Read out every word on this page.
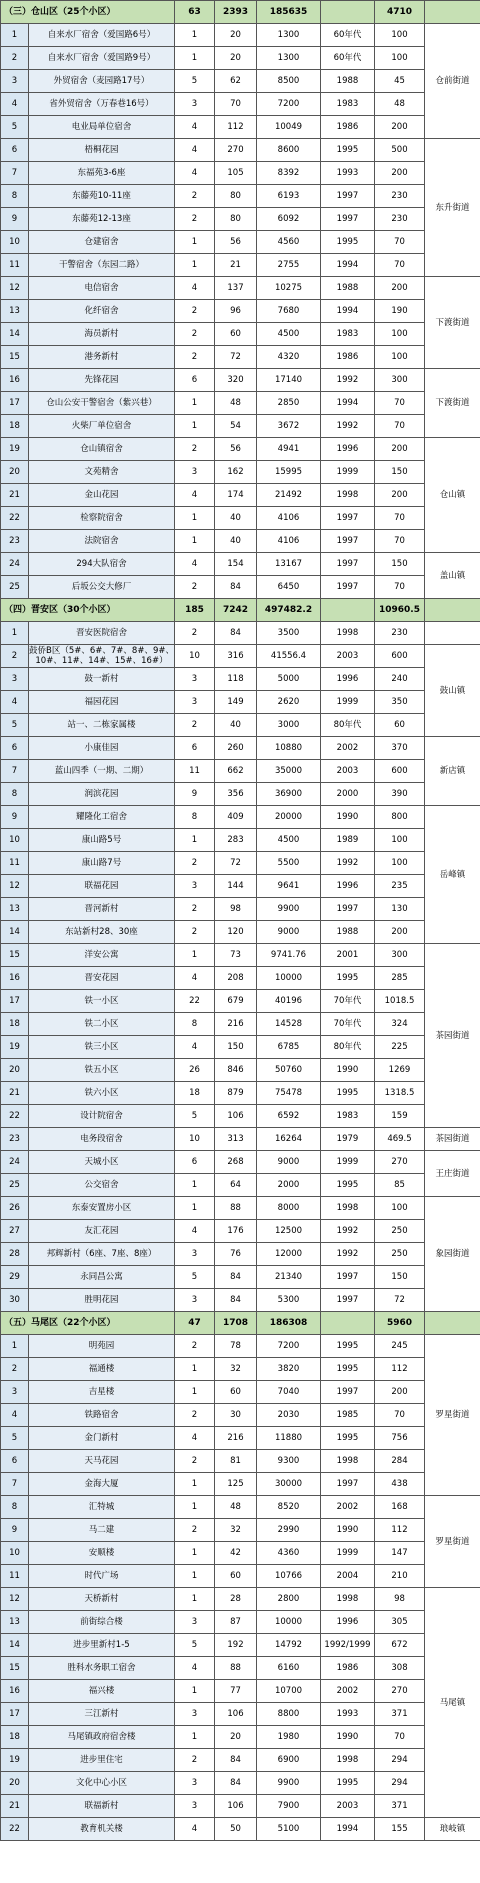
（三）仓山区（25个小区）		63	2393	185635		4710	
1	自来水厂宿舍（爱国路6号）	1	20	1300	60年代	100	仓前街道
2	自来水厂宿舍（爱国路9号）	1	20	1300	60年代	100	
3	外贸宿舍（麦园路17号）	5	62	8500	1988	45	
4	省外贸宿舍（万春巷16号）	3	70	7200	1983	48	
5	电业局单位宿舍	4	112	10049	1986	200	
6	梧桐花园	4	270	8600	1995	500	东升街道
7	东福苑3-6座	4	105	8392	1993	200	
8	东藤苑10-11座	2	80	6193	1997	230	
9	东藤苑12-13座	2	80	6092	1997	230	
10	仓建宿舍	1	56	4560	1995	70	
11	干警宿舍（东园二路）	1	21	2755	1994	70	
12	电信宿舍	4	137	10275	1988	200	下渡街道
13	化纤宿舍	2	96	7680	1994	190	
14	海员新村	2	60	4500	1983	100	
15	港务新村	2	72	4320	1986	100	
16	先锋花园	6	320	17140	1992	300	下渡街道
17	仓山公安干警宿舍（紫兴巷）	1	48	2850	1994	70	
18	火柴厂单位宿舍	1	54	3672	1992	70	
19	仓山镇宿舍	2	56	4941	1996	200	仓山镇
20	文苑精舍	3	162	15995	1999	150	
21	金山花园	4	174	21492	1998	200	
22	检察院宿舍	1	40	4106	1997	70	
23	法院宿舍	1	40	4106	1997	70	
24	294大队宿舍	4	154	13167	1997	150	盖山镇
25	后坂公交大修厂	2	84	6450	1997	70	
（四）晋安区（30个小区）		185	7242	497482.2		10960.5	
1	晋安医院宿舍	2	84	3500	1998	230	
2	鼓侨B区（5#、6#、7#、8#、9#、10#、11#、14#、15#、16#）	10	316	41556.4	2003	600	鼓山镇
3	鼓一新村	3	118	5000	1996	240	
4	福园花园	3	149	2620	1999	350	
5	站一、二栋家属楼	2	40	3000	80年代	60	
6	小康佳园	6	260	10880	2002	370	新店镇
7	蓝山四季（一期、二期）	11	662	35000	2003	600	
8	润滨花园	9	356	36900	2000	390	
9	耀隆化工宿舍	8	409	20000	1990	800	岳峰镇
10	康山路5号	1	283	4500	1989	100	
11	康山路7号	2	72	5500	1992	100	
12	联福花园	3	144	9641	1996	235	
13	晋河新村	2	98	9900	1997	130	
14	东站新村28、30座	2	120	9000	1988	200	
15	洋安公寓	1	73	9741.76	2001	300	茶园街道
16	晋安花园	4	208	10000	1995	285	
17	铁一小区	22	679	40196	70年代	1018.5	
18	铁二小区	8	216	14528	70年代	324	
19	铁三小区	4	150	6785	80年代	225	
20	铁五小区	26	846	50760	1990	1269	
21	铁六小区	18	879	75478	1995	1318.5	
22	设计院宿舍	5	106	6592	1983	159	
23	电务段宿舍	10	313	16264	1979	469.5	茶园街道
24	天城小区	6	268	9000	1999	270	王庄街道
25	公交宿舍	1	64	2000	1995	85	
26	东泰安置房小区	1	88	8000	1998	100	象园街道
27	友汇花园	4	176	12500	1992	250	
28	邦辉新村（6座、7座、8座）	3	76	12000	1992	250	
29	永同昌公寓	5	84	21340	1997	150	
30	胜明花园	3	84	5300	1997	72	
（五）马尾区（22个小区）		47	1708	186308		5960	
1	明苑园	2	78	7200	1995	245	罗星街道
2	福通楼	1	32	3820	1995	112	
3	吉星楼	1	60	7040	1997	200	
4	铁路宿舍	2	30	2030	1985	70	
5	金门新村	4	216	11880	1995	756	
6	天马花园	2	81	9300	1998	284	
7	金海大厦	1	125	30000	1997	438	
8	汇特城	1	48	8520	2002	168	罗星街道
9	马二建	2	32	2990	1990	112	
10	安顺楼	1	42	4360	1999	147	
11	时代广场	1	60	10766	2004	210	
12	天桥新村	1	28	2800	1998	98	马尾镇
13	前街综合楼	3	87	10000	1996	305	
14	进步里新村1-5	5	192	14792	1992/1999	672	
15	胜科水务职工宿舍	4	88	6160	1986	308	
16	福兴楼	1	77	10700	2002	270	
17	三江新村	3	106	8800	1993	371	
18	马尾镇政府宿舍楼	1	20	1980	1990	70	
19	进步里住宅	2	84	6900	1998	294	
20	文化中心小区	3	84	9900	1995	294	
21	联福新村	3	106	7900	2003	371	
22	教育机关楼	4	50	5100	1994	155	琅岐镇
